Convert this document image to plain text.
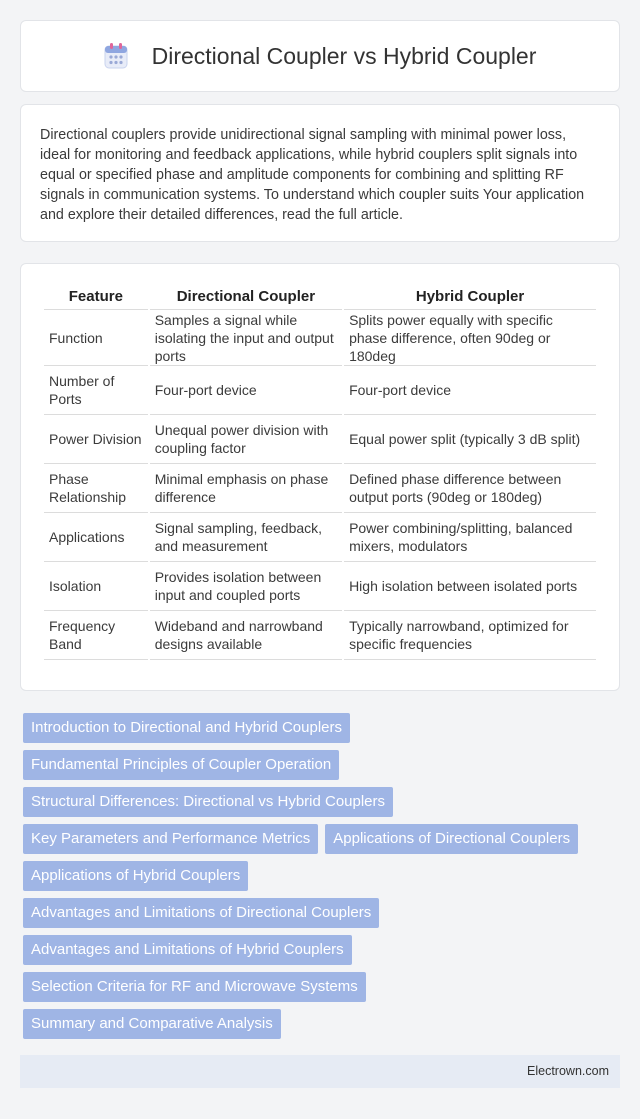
Directional Coupler vs Hybrid Coupler

Directional couplers provide unidirectional signal sampling with minimal power loss, ideal for monitoring and feedback applications, while hybrid couplers split signals into equal or specified phase and amplitude components for combining and splitting RF signals in communication systems. To understand which coupler suits Your application and explore their detailed differences, read the full article.

Feature	Directional Coupler	Hybrid Coupler
Function	Samples a signal while isolating the input and output ports	Splits power equally with specific phase difference, often 90deg or 180deg
Number of Ports	Four-port device	Four-port device
Power Division	Unequal power division with coupling factor	Equal power split (typically 3 dB split)
Phase Relationship	Minimal emphasis on phase difference	Defined phase difference between output ports (90deg or 180deg)
Applications	Signal sampling, feedback, and measurement	Power combining/splitting, balanced mixers, modulators
Isolation	Provides isolation between input and coupled ports	High isolation between isolated ports
Frequency Band	Wideband and narrowband designs available	Typically narrowband, optimized for specific frequencies
Introduction to Directional and Hybrid Couplers
Fundamental Principles of Coupler Operation
Structural Differences: Directional vs Hybrid Couplers
Key Parameters and Performance Metrics	Applications of Directional Couplers
Applications of Hybrid Couplers
Advantages and Limitations of Directional Couplers
Advantages and Limitations of Hybrid Couplers
Selection Criteria for RF and Microwave Systems
Summary and Comparative Analysis
Electrown.com
